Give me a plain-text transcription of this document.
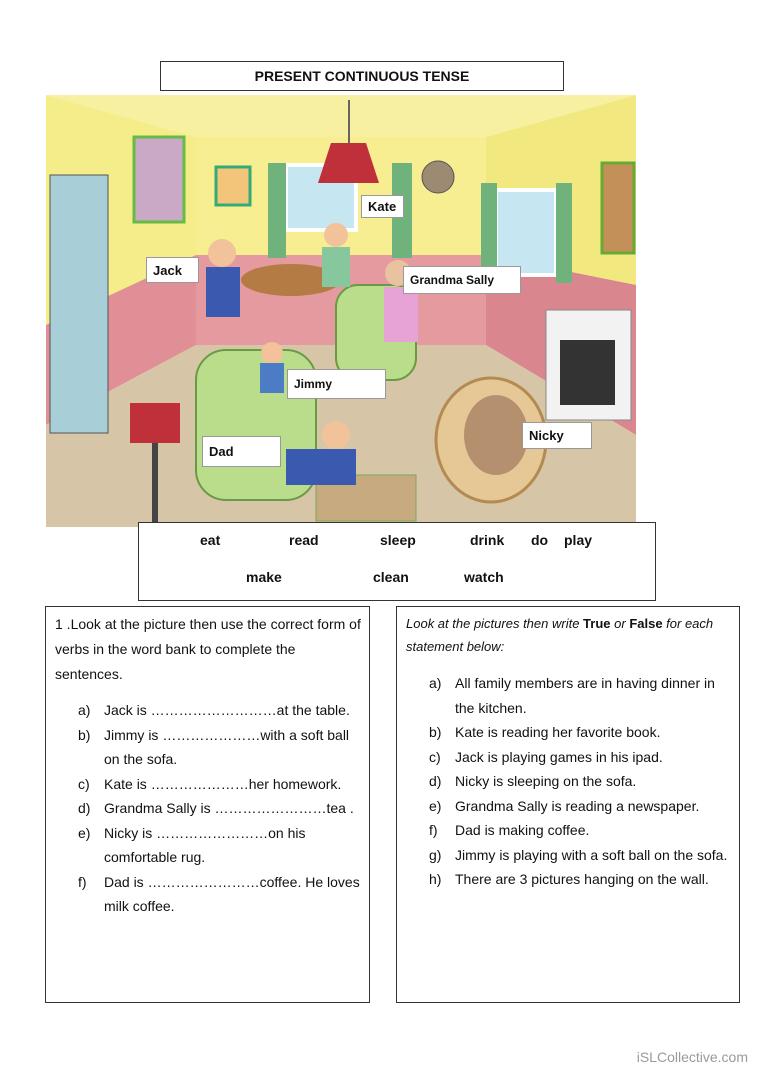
PRESENT CONTINUOUS TENSE
Kate
Jack
Grandma Sally
Jimmy
Dad
Nicky
eat	read	sleep	drink do play
make	clean	watch
1 .Look at the picture then use the correct form of verbs in the word bank to complete the sentences.
a) Jack is ………………………at the table.
b) Jimmy is …………………with a soft ball on the sofa.
c) Kate is …………………her homework.
d) Grandma Sally is ……………………tea .
e) Nicky is ……………………on his comfortable rug.
f) Dad is ……………………coffee. He loves milk coffee.
Look at the pictures then write True or False for each statement below:
a) All family members are in having dinner in the kitchen.
b) Kate is reading her favorite book.
c) Jack is playing games in his ipad.
d) Nicky is sleeping on the sofa.
e) Grandma Sally is reading a newspaper.
f) Dad is making coffee.
g) Jimmy is playing with a soft ball on the sofa.
h) There are 3 pictures hanging on the wall.
iSLCollective.com
